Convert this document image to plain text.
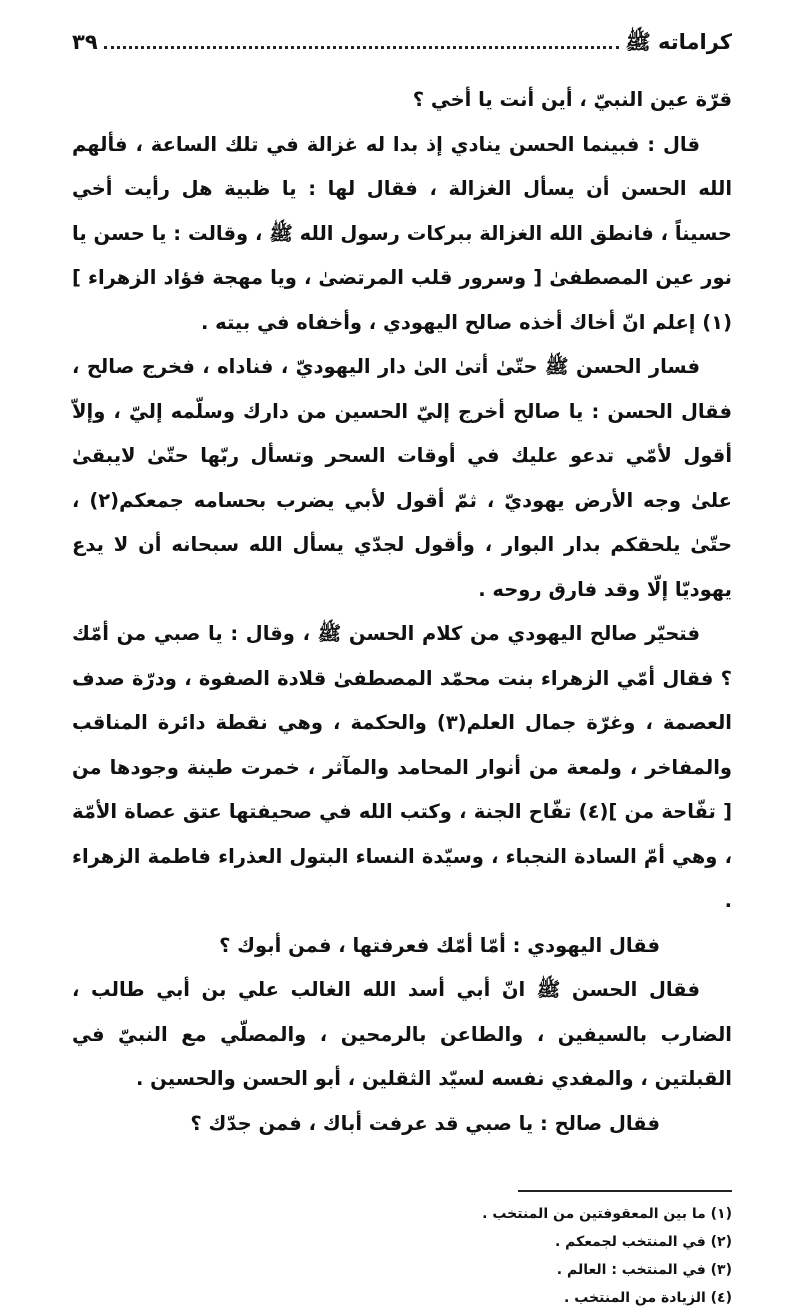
كراماته ﷺ
٣٩

قرّة عين النبيّ ، أين أنت يا أخي ؟

قال : فبينما الحسن ينادي إذ بدا له غزالة في تلك الساعة ، فألهم الله الحسن أن يسأل الغزالة ، فقال لها : يا ظبية هل رأيت أخي حسيناً ، فانطق الله الغزالة ببركات رسول الله ﷺ ، وقالت : يا حسن يا نور عين المصطفىٰ [ وسرور قلب المرتضىٰ ، ويا مهجة فؤاد الزهراء ](١) إعلم انّ أخاك أخذه صالح اليهودي ، وأخفاه في بيته .

فسار الحسن ﷺ حتّىٰ أتىٰ الىٰ دار اليهوديّ ، فناداه ، فخرج صالح ، فقال الحسن : يا صالح أخرج إليّ الحسين من دارك وسلّمه إليّ ، وإلاّ أقول لأمّي تدعو عليك في أوقات السحر وتسأل ربّها حتّىٰ لايبقىٰ علىٰ وجه الأرض يهوديّ ، ثمّ أقول لأبي يضرب بحسامه جمعكم(٢) ، حتّىٰ يلحقكم بدار البوار ، وأقول لجدّي يسأل الله سبحانه أن لا يدع يهوديّا إلّا وقد فارق روحه .

فتحيّر صالح اليهودي من كلام الحسن ﷺ ، وقال : يا صبي من أمّك ؟ فقال أمّي الزهراء بنت محمّد المصطفىٰ قلادة الصفوة ، ودرّة صدف العصمة ، وغرّة جمال العلم(٣) والحكمة ، وهي نقطة دائرة المناقب والمفاخر ، ولمعة من أنوار المحامد والمآثر ، خمرت طينة وجودها من [ تفّاحة من ](٤) تفّاح الجنة ، وكتب الله في صحيفتها عتق عصاة الأمّة ، وهي أمّ السادة النجباء ، وسيّدة النساء البتول العذراء فاطمة الزهراء .

فقال اليهودي : أمّا أمّك فعرفتها ، فمن أبوك ؟

فقال الحسن ﷺ انّ أبي أسد الله الغالب علي بن أبي طالب ، الضارب بالسيفين ، والطاعن بالرمحين ، والمصلّي مع النبيّ في القبلتين ، والمفدي نفسه لسيّد الثقلين ، أبو الحسن والحسين .

فقال صالح : يا صبي قد عرفت أباك ، فمن جدّك ؟

(١) ما بين المعقوفتين من المنتخب .
(٢) في المنتخب لجمعكم .
(٣) في المنتخب : العالم .
(٤) الزيادة من المنتخب .
